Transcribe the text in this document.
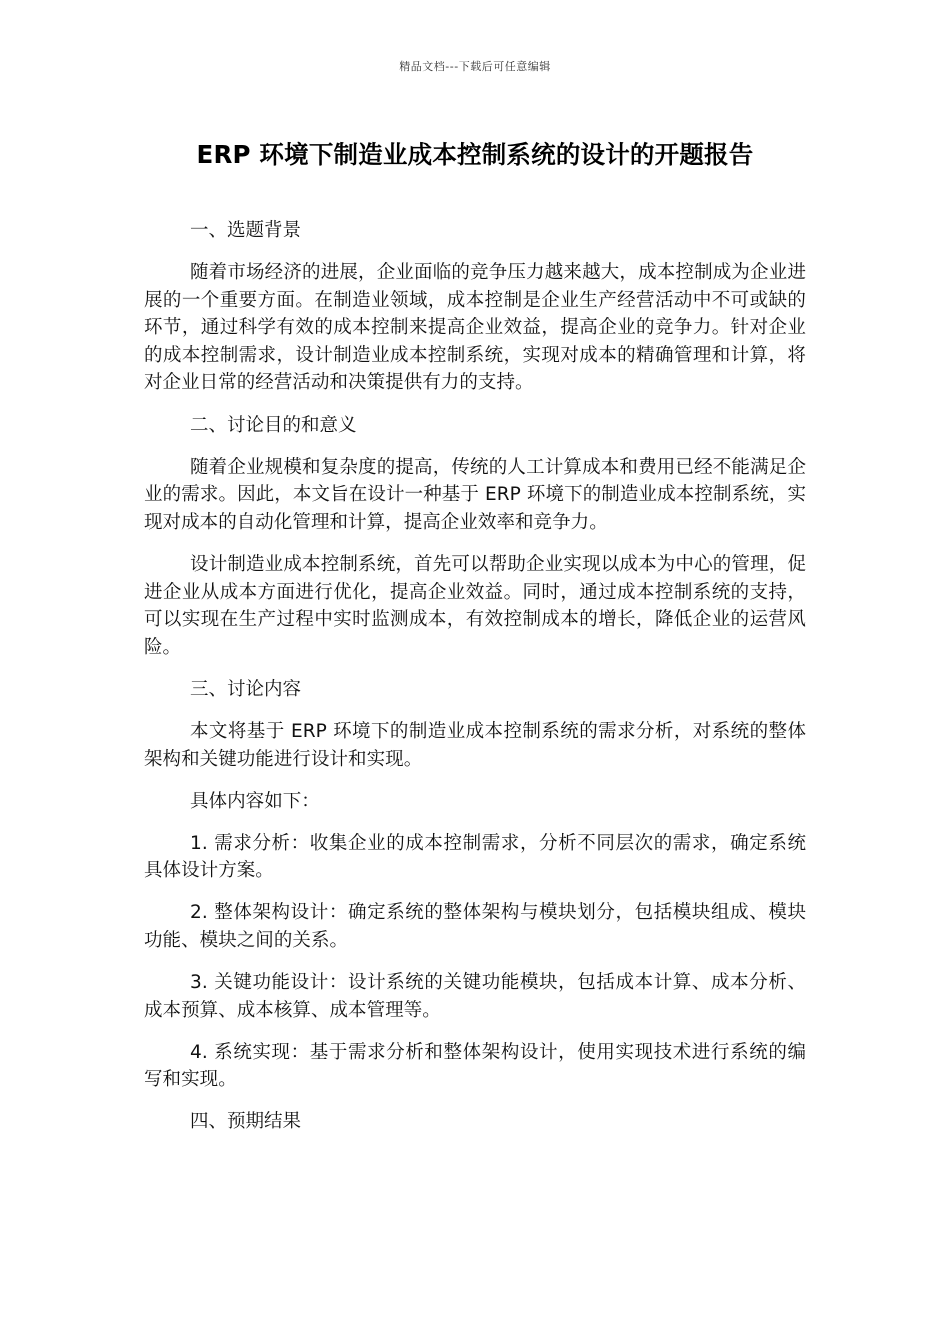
精品文档---下载后可任意编辑
ERP 环境下制造业成本控制系统的设计的开题报告

一、选题背景

随着市场经济的进展，企业面临的竞争压力越来越大，成本控制成为企业进展的一个重要方面。在制造业领域，成本控制是企业生产经营活动中不可或缺的环节，通过科学有效的成本控制来提高企业效益，提高企业的竞争力。针对企业的成本控制需求，设计制造业成本控制系统，实现对成本的精确管理和计算，将对企业日常的经营活动和决策提供有力的支持。

二、讨论目的和意义

随着企业规模和复杂度的提高，传统的人工计算成本和费用已经不能满足企业的需求。因此，本文旨在设计一种基于 ERP 环境下的制造业成本控制系统，实现对成本的自动化管理和计算，提高企业效率和竞争力。

设计制造业成本控制系统，首先可以帮助企业实现以成本为中心的管理，促进企业从成本方面进行优化，提高企业效益。同时，通过成本控制系统的支持，可以实现在生产过程中实时监测成本，有效控制成本的增长，降低企业的运营风险。

三、讨论内容

本文将基于 ERP 环境下的制造业成本控制系统的需求分析，对系统的整体架构和关键功能进行设计和实现。

具体内容如下：

1. 需求分析：收集企业的成本控制需求，分析不同层次的需求，确定系统具体设计方案。

2. 整体架构设计：确定系统的整体架构与模块划分，包括模块组成、模块功能、模块之间的关系。

3. 关键功能设计：设计系统的关键功能模块，包括成本计算、成本分析、成本预算、成本核算、成本管理等。

4. 系统实现：基于需求分析和整体架构设计，使用实现技术进行系统的编写和实现。

四、预期结果
